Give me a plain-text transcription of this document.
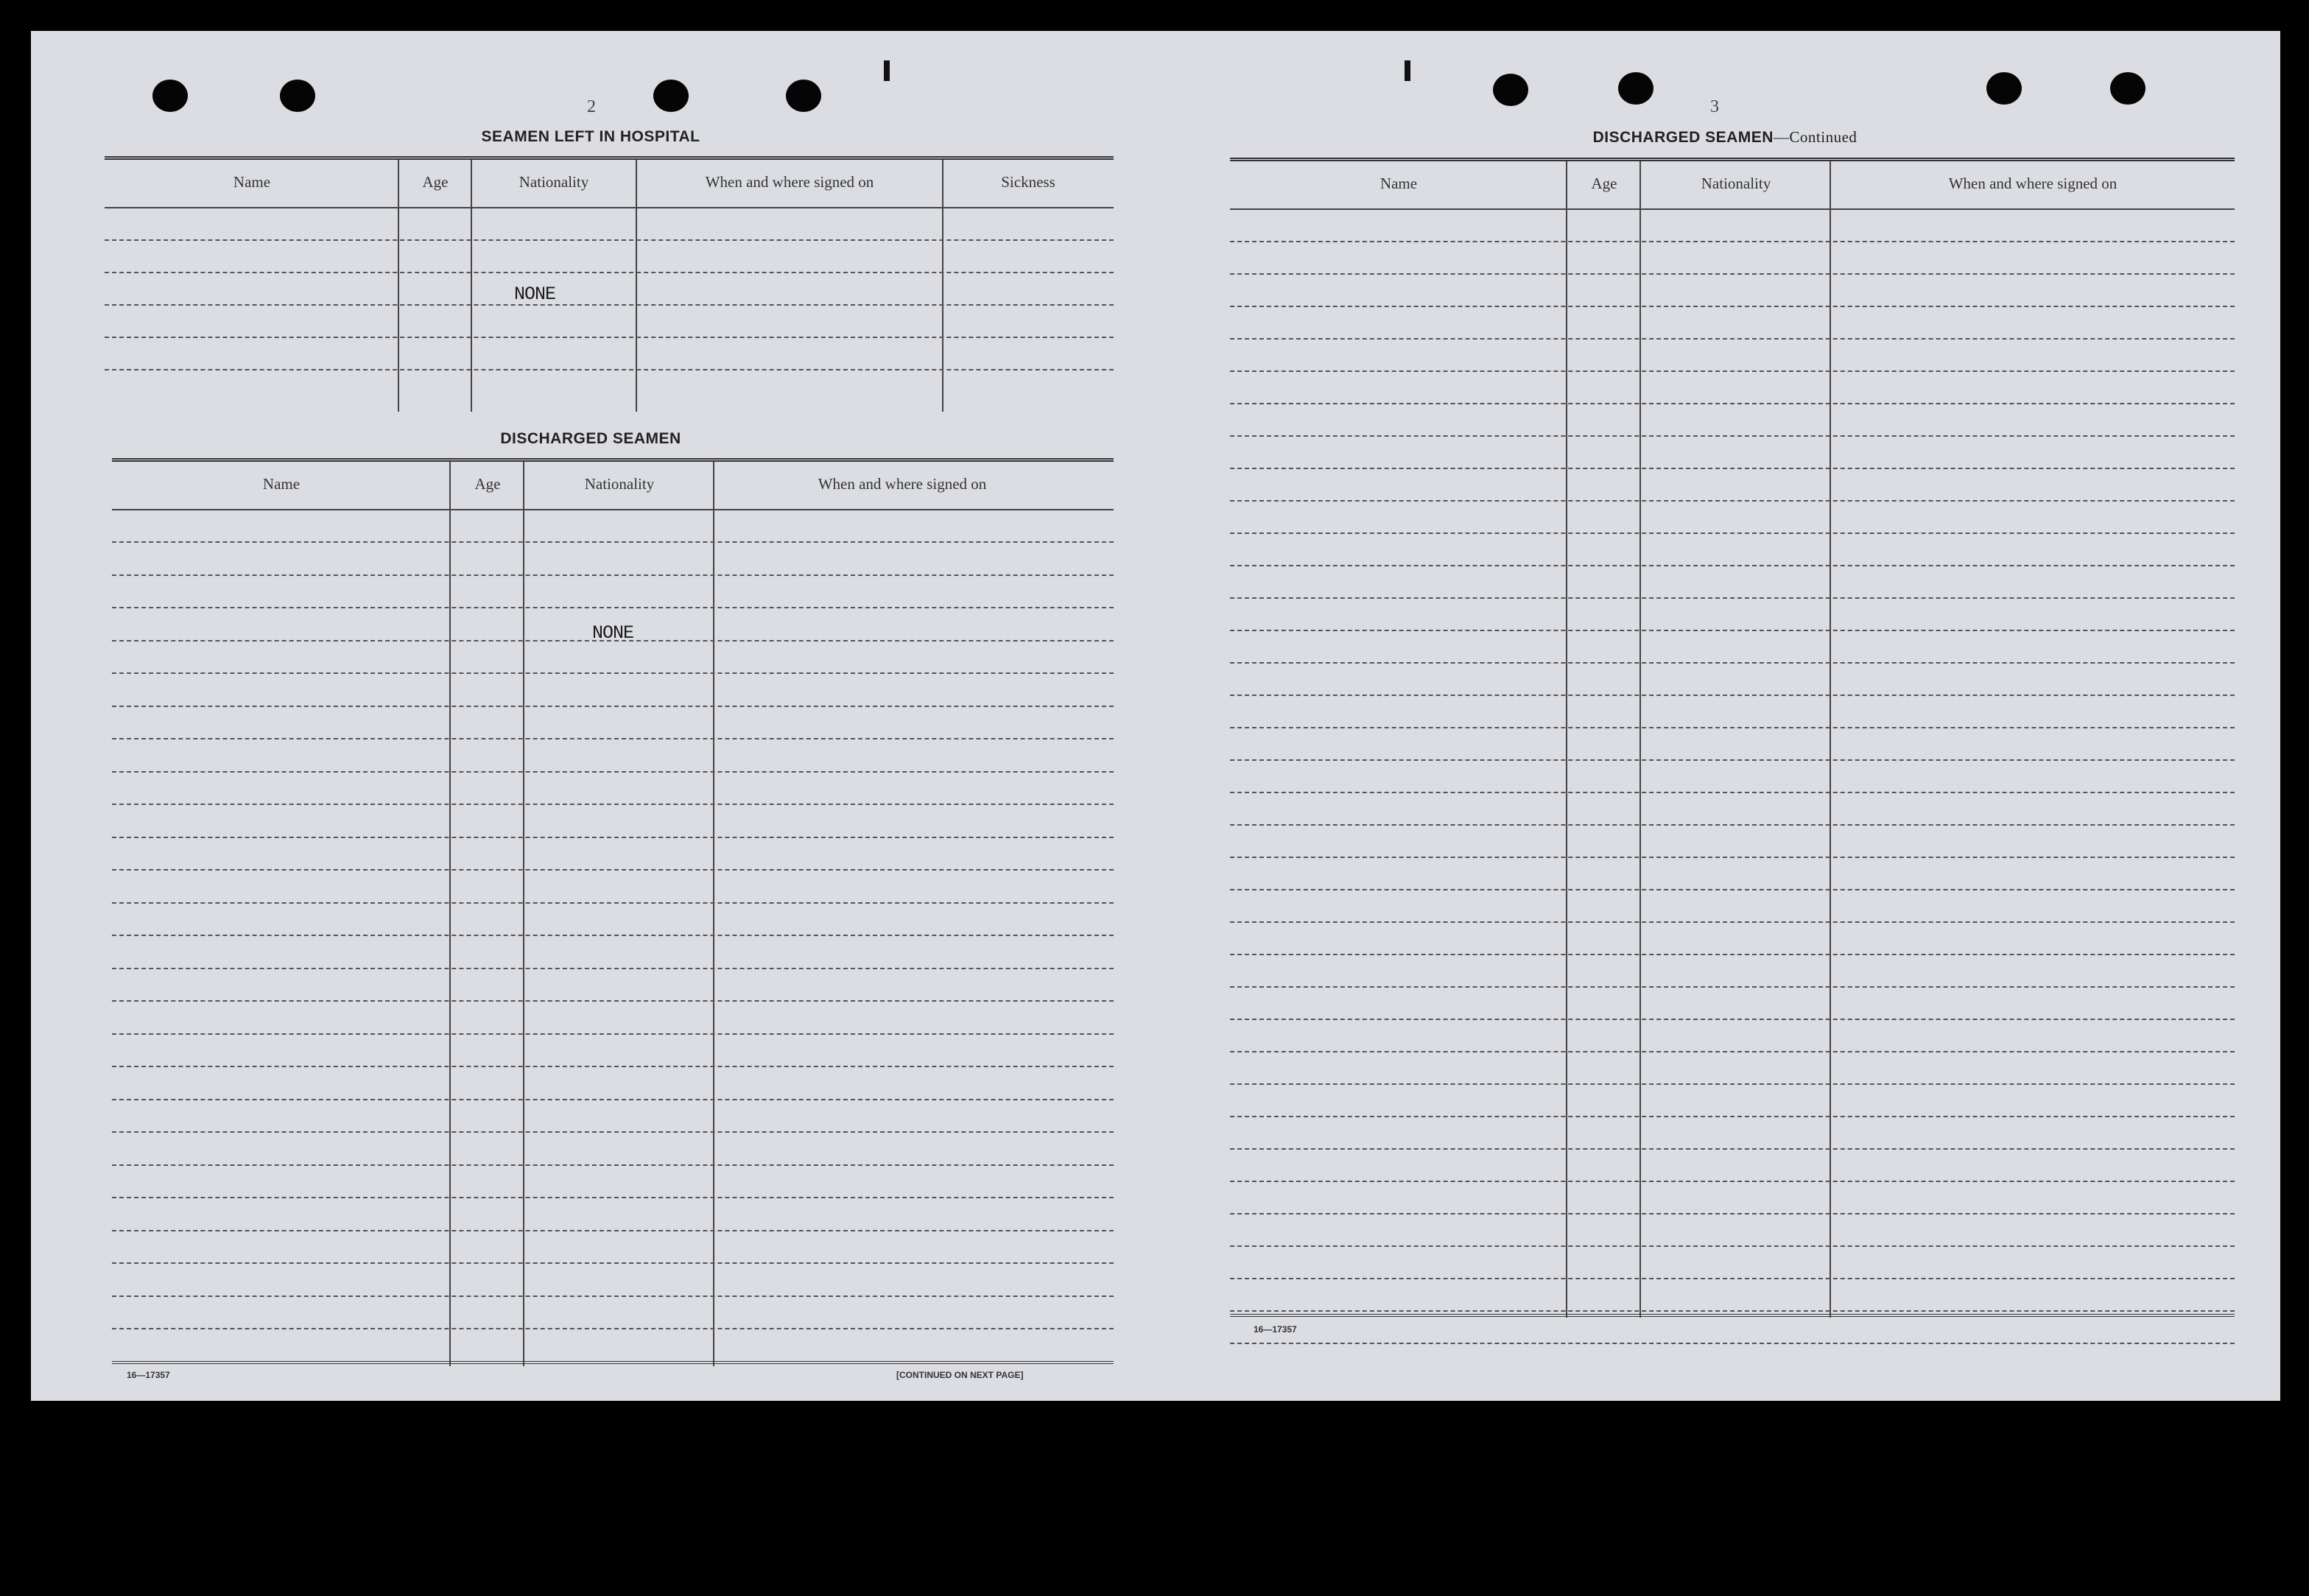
2
SEAMEN LEFT IN HOSPITAL
Name	Age	Nationality	When and where signed on	Sickness
NONE
DISCHARGED SEAMEN
Name	Age	Nationality	When and where signed on
NONE
16—17357	[CONTINUED ON NEXT PAGE]
3
DISCHARGED SEAMEN—Continued
Name	Age	Nationality	When and where signed on
16—17357
